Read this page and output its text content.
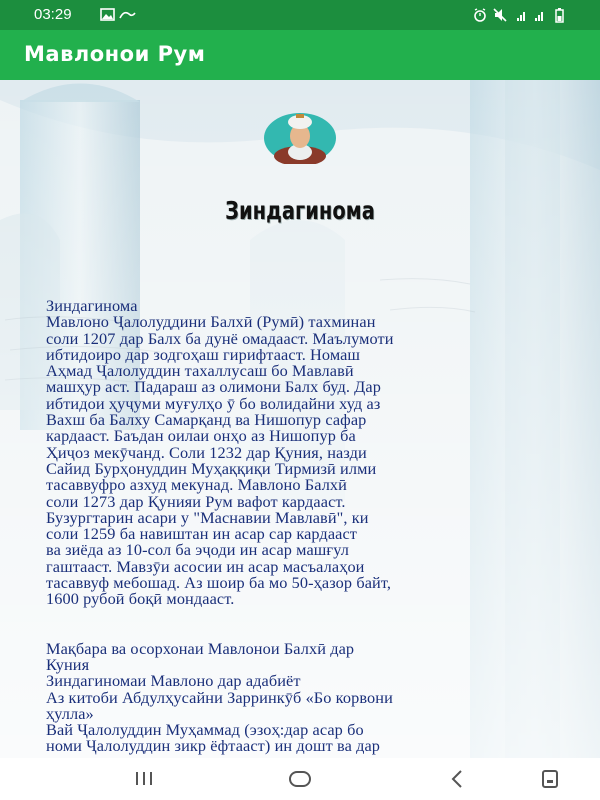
03:29
Мавлонои Рум
Зиндагинома
Зиндагинома
Мавлоно Ҷалолуддини Балхӣ (Румӣ) тахминан
соли 1207 дар Балх ба дунё омадааст. Маълумоти
ибтидоиро дар зодгоҳаш гирифтааст. Номаш
Аҳмад Ҷалолуддин тахаллусаш бо Мавлавӣ
машҳур аст. Падараш аз олимони Балх буд. Дар
ибтидои ҳуҷуми муғулҳо ӯ бо волидайни худ аз
Вахш ба Балху Самарқанд ва Нишопур сафар
кардааст. Баъдан оилаи онҳо аз Нишопур ба
Ҳиҷоз мекӯчанд. Соли 1232 дар Қуния, назди
Сайид Бурҳонуддин Муҳаққиқи Тирмизӣ илми
тасаввуфро азхуд мекунад. Мавлоно Балхӣ
соли 1273 дар Қунияи Рум вафот кардааст.
Бузургтарин асари у "Маснавии Мавлавӣ", ки
соли 1259 ба навиштан ин асар сар кардааст
ва зиёда аз 10-сол ба эҷоди ин асар машғул
гаштааст. Мавзӯи асосии ин асар масъалаҳои
тасаввуф мебошад. Аз шоир ба мо 50-ҳазор байт,
1600 рубоӣ боқӣ мондааст.
Мақбара ва осорхонаи Мавлонои Балхӣ дар
Куния
Зиндагиномаи Мавлоно дар адабиёт
Аз китоби Абдулҳусайни Зарринкӯб «Бо корвони
ҳулла»
Вай Ҷалолуддин Муҳаммад (эзоҳ:дар асар бо
номи Ҷалолуддин зикр ёфтааст) ин дошт ва дар
